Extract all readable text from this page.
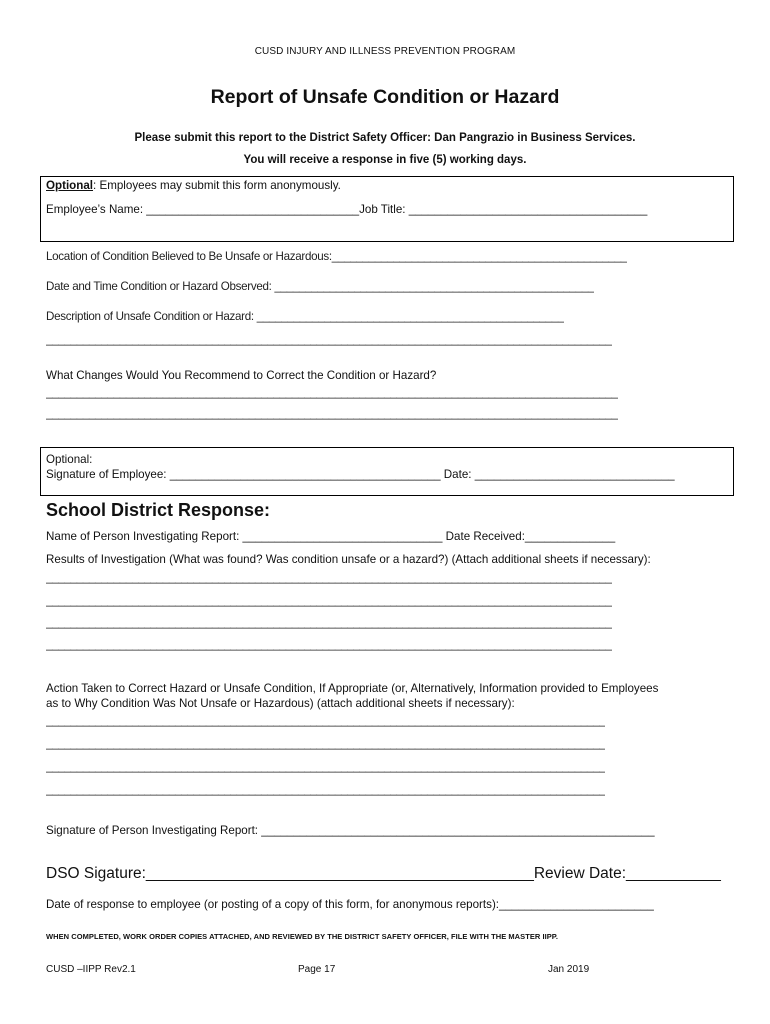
CUSD INJURY AND ILLNESS PREVENTION PROGRAM
Report of Unsafe Condition or Hazard
Please submit this report to the District Safety Officer: Dan Pangrazio in Business Services.
You will receive a response in five (5) working days.
Optional: Employees may submit this form anonymously.
Employee’s Name: _________________________________Job Title: _____________________________________
Location of Condition Believed to Be Unsafe or Hazardous:________________________________________________
Date and Time Condition or Hazard Observed: ____________________________________________________
Description of Unsafe Condition or Hazard: __________________________________________________
____________________________________________________________________________________________
What Changes Would You Recommend to Correct the Condition or Hazard?
_____________________________________________________________________________________________
_____________________________________________________________________________________________
Optional:
Signature of Employee: __________________________________________ Date: _______________________________
School District Response:
Name of Person Investigating Report: _______________________________ Date Received:______________
Results of Investigation (What was found? Was condition unsafe or a hazard?) (Attach additional sheets if necessary):
____________________________________________________________________________________________
____________________________________________________________________________________________
____________________________________________________________________________________________
____________________________________________________________________________________________
Action Taken to Correct Hazard or Unsafe Condition, If Appropriate (or, Alternatively, Information provided to Employees
as to Why Condition Was Not Unsafe or Hazardous) (attach additional sheets if necessary):
___________________________________________________________________________________________
___________________________________________________________________________________________
___________________________________________________________________________________________
___________________________________________________________________________________________
Signature of Person Investigating Report: _____________________________________________________________
DSO Sigature:_____________________________________________Review Date:___________
Date of response to employee (or posting of a copy of this form, for anonymous reports):________________________
WHEN COMPLETED, WORK ORDER COPIES ATTACHED, AND REVIEWED BY THE DISTRICT SAFETY OFFICER, FILE WITH THE MASTER IIPP.
CUSD –IIPP Rev2.1	Page 17	Jan 2019
